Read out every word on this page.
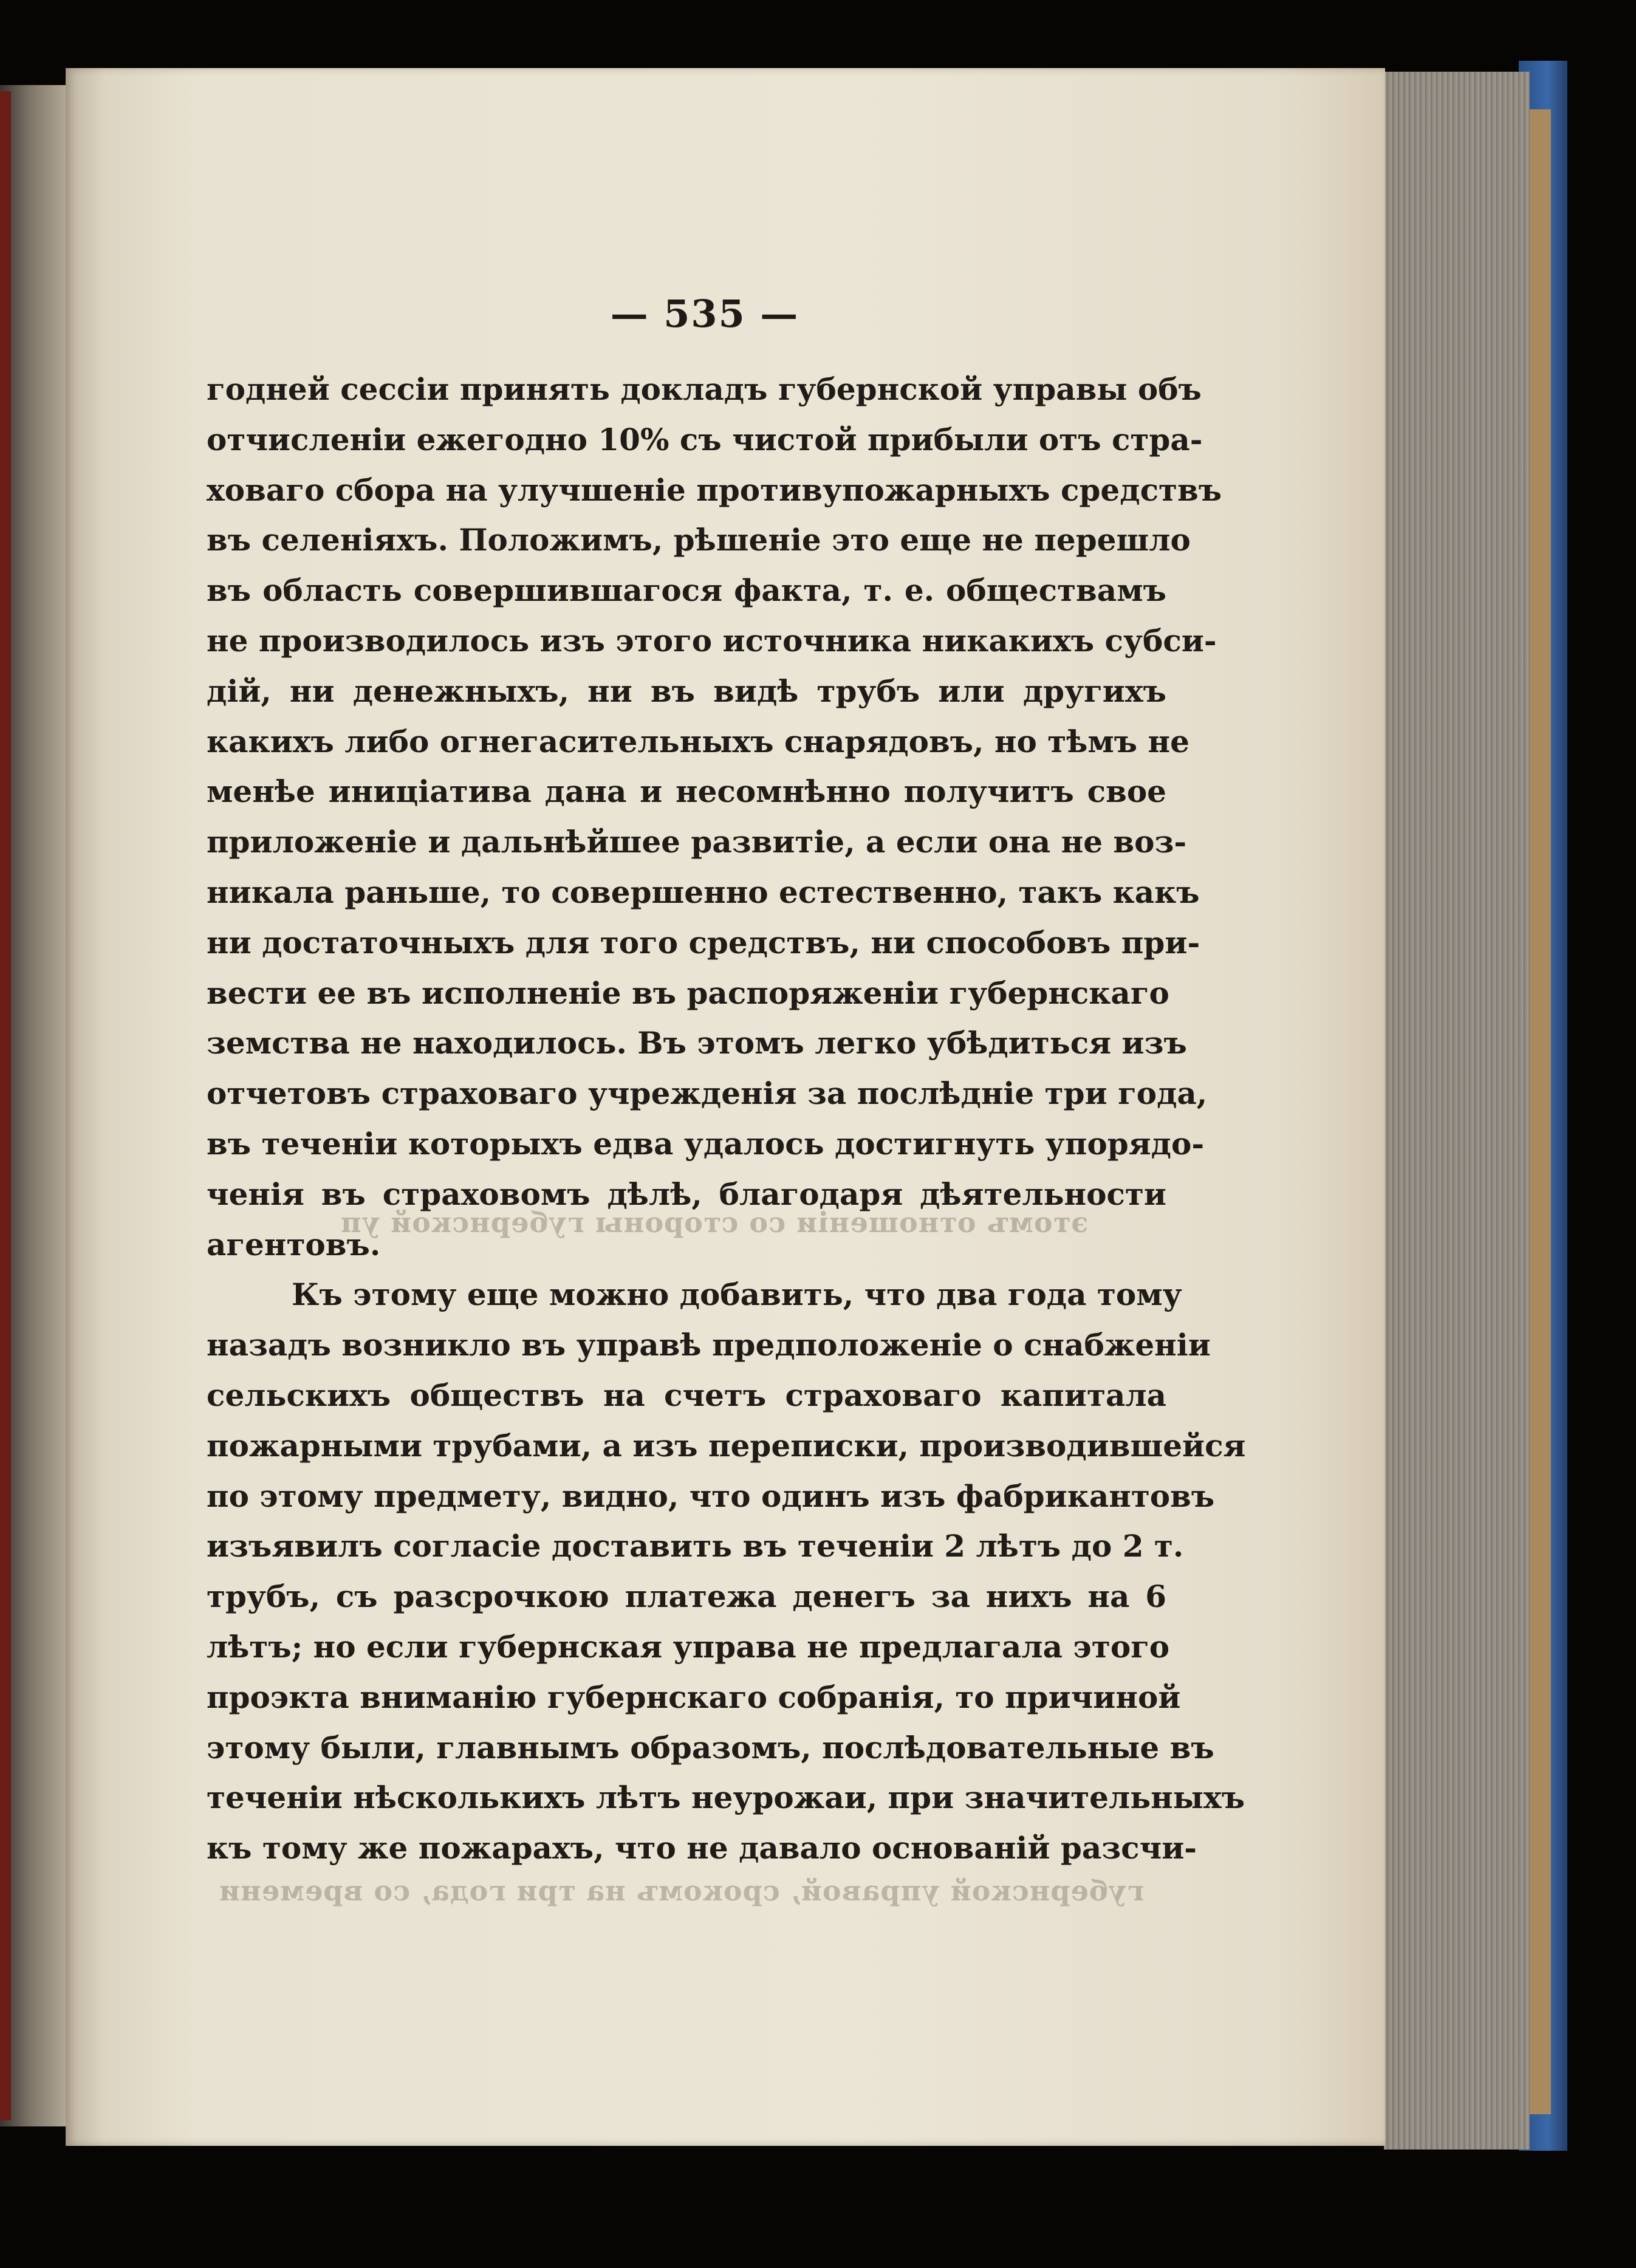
этомъ отношеніи со стороны губернской уп
губернской управой, срокомъ на три года, со времени
— 535 —
годней сессіи принять докладъ губернской управы объ
отчисленіи ежегодно 10% съ чистой прибыли отъ стра-
ховаго сбора на улучшеніе противупожарныхъ средствъ
въ селеніяхъ. Положимъ, рѣшеніе это еще не перешло
въ область совершившагося факта, т. е. обществамъ
не производилось изъ этого источника никакихъ субси-
дій, ни денежныхъ, ни въ видѣ трубъ или другихъ
какихъ либо огнегасительныхъ снарядовъ, но тѣмъ не
менѣе иниціатива дана и несомнѣнно получитъ свое
приложеніе и дальнѣйшее развитіе, а если она не воз-
никала раньше, то совершенно естественно, такъ какъ
ни достаточныхъ для того средствъ, ни способовъ при-
вести ее въ исполненіе въ распоряженіи губернскаго
земства не находилось. Въ этомъ легко убѣдиться изъ
отчетовъ страховаго учрежденія за послѣдніе три года,
въ теченіи которыхъ едва удалось достигнуть упорядо-
ченія въ страховомъ дѣлѣ, благодаря дѣятельности
агентовъ.
Къ этому еще можно добавить, что два года тому
назадъ возникло въ управѣ предположеніе о снабженіи
сельскихъ обществъ на счетъ страховаго капитала
пожарными трубами, а изъ переписки, производившейся
по этому предмету, видно, что одинъ изъ фабрикантовъ
изъявилъ согласіе доставить въ теченіи 2 лѣтъ до 2 т.
трубъ, съ разсрочкою платежа денегъ за нихъ на 6
лѣтъ; но если губернская управа не предлагала этого
проэкта вниманію губернскаго собранія, то причиной
этому были, главнымъ образомъ, послѣдовательные въ
теченіи нѣсколькихъ лѣтъ неурожаи, при значительныхъ
къ тому же пожарахъ, что не давало основаній разсчи-
